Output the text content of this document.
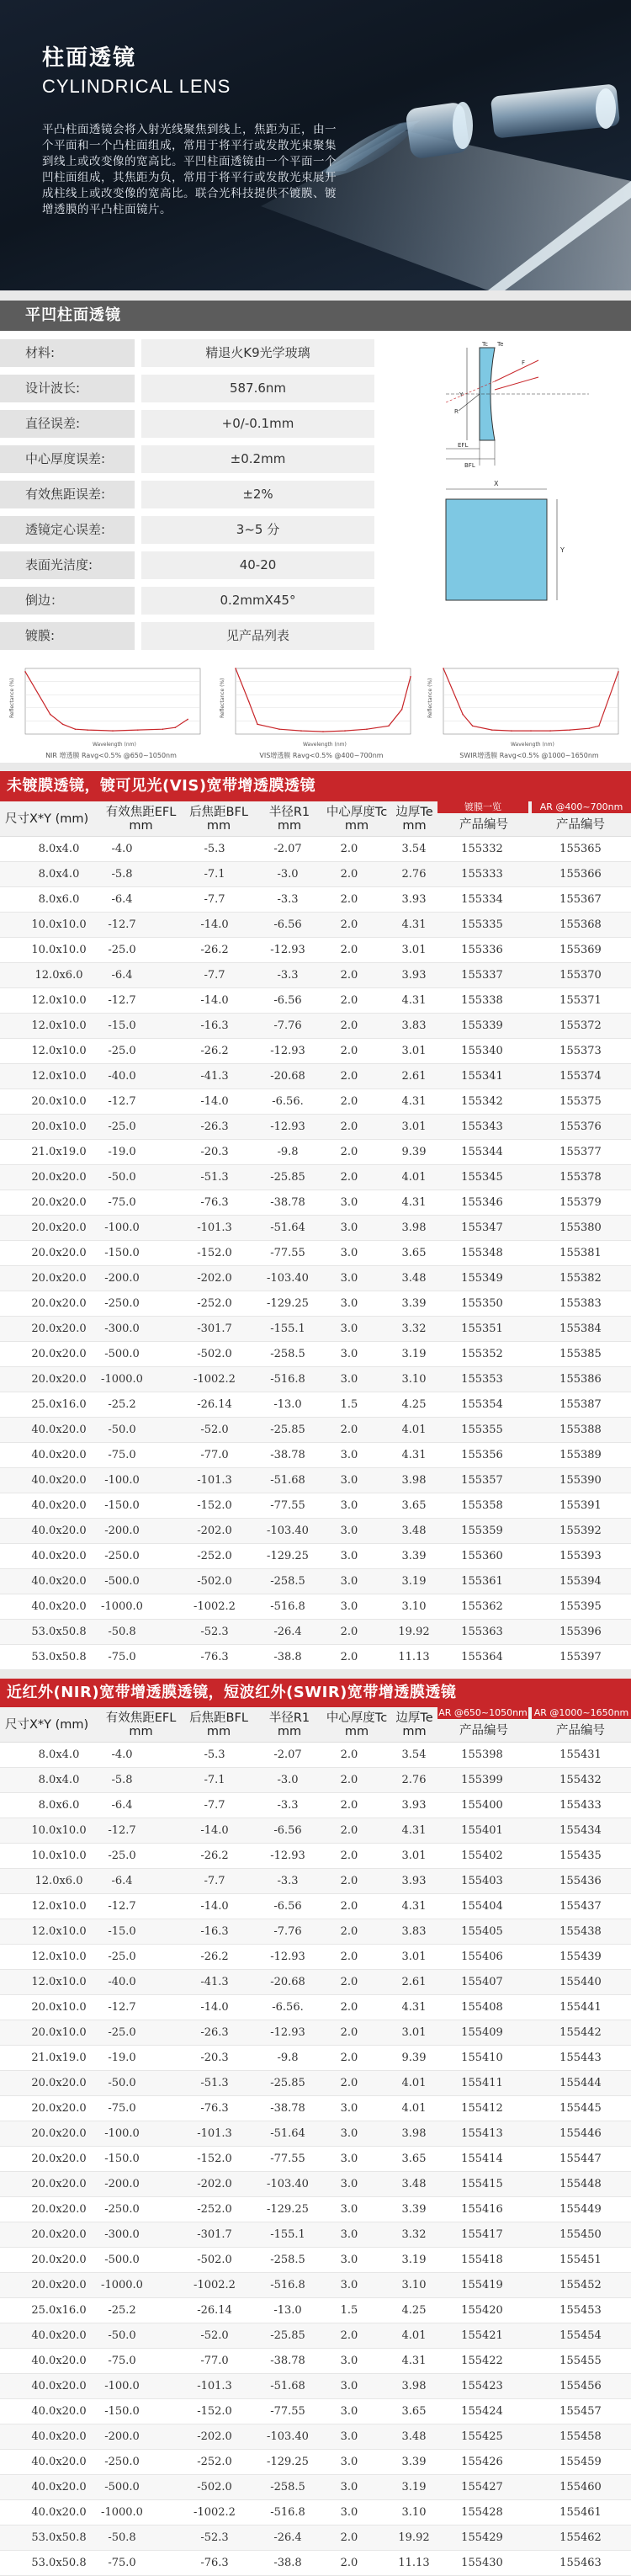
柱面透镜
CYLINDRICAL LENS
平凸柱面透镜会将入射光线聚焦到线上，焦距为正，由一个平面和一个凸柱面组成，常用于将平行或发散光束聚集到线上或改变像的宽高比。平凹柱面透镜由一个平面一个凹柱面组成，其焦距为负，常用于将平行或发散光束展开成柱线上或改变像的宽高比。联合光科技提供不镀膜、镀增透膜的平凸柱面镜片。
平凹柱面透镜
材料:	精退火K9光学玻璃
设计波长:	587.6nm
直径误差:	+0/-0.1mm
中心厚度误差:	±0.2mm
有效焦距误差:	±2%
透镜定心误差:	3~5 分
表面光洁度:	40-20
倒边：	0.2mmX45°
镀膜:	见产品列表
R
EFL
BFL
Tc Te
Y
F
X
Y
Reflectance (%)
Wavelength (nm)
NIR 增透膜 Ravg<0.5% @650~1050nm
Reflectance (%)
Wavelength (nm)
VIS增透膜 Ravg<0.5% @400~700nm
Reflectance (%)
Wavelength (nm)
SWIR增透膜 Ravg<0.5% @1000~1650nm
未镀膜透镜，镀可见光(VIS)宽带增透膜透镜
尺寸X*Y (mm)	有效焦距EFL
mm
后焦距BFL
mm
半径R1
mm
中心厚度Tc
mm
边厚Te
mm	产品编号	产品编号
镀膜一览	AR @400~700nm
8.0x4.0	-4.0	-5.3	-2.07	2.0	3.54	155332	155365
8.0x4.0	-5.8	-7.1	-3.0	2.0	2.76	155333	155366
8.0x6.0	-6.4	-7.7	-3.3	2.0	3.93	155334	155367
10.0x10.0	-12.7	-14.0	-6.56	2.0	4.31	155335	155368
10.0x10.0	-25.0	-26.2	-12.93	2.0	3.01	155336	155369
12.0x6.0	-6.4	-7.7	-3.3	2.0	3.93	155337	155370
12.0x10.0	-12.7	-14.0	-6.56	2.0	4.31	155338	155371
12.0x10.0	-15.0	-16.3	-7.76	2.0	3.83	155339	155372
12.0x10.0	-25.0	-26.2	-12.93	2.0	3.01	155340	155373
12.0x10.0	-40.0	-41.3	-20.68	2.0	2.61	155341	155374
20.0x10.0	-12.7	-14.0	-6.56.	2.0	4.31	155342	155375
20.0x10.0	-25.0	-26.3	-12.93	2.0	3.01	155343	155376
21.0x19.0	-19.0	-20.3	-9.8	2.0	9.39	155344	155377
20.0x20.0	-50.0	-51.3	-25.85	2.0	4.01	155345	155378
20.0x20.0	-75.0	-76.3	-38.78	3.0	4.31	155346	155379
20.0x20.0	-100.0	-101.3	-51.64	3.0	3.98	155347	155380
20.0x20.0	-150.0	-152.0	-77.55	3.0	3.65	155348	155381
20.0x20.0	-200.0	-202.0	-103.40	3.0	3.48	155349	155382
20.0x20.0	-250.0	-252.0	-129.25	3.0	3.39	155350	155383
20.0x20.0	-300.0	-301.7	-155.1	3.0	3.32	155351	155384
20.0x20.0	-500.0	-502.0	-258.5	3.0	3.19	155352	155385
20.0x20.0	-1000.0	-1002.2	-516.8	3.0	3.10	155353	155386
25.0x16.0	-25.2	-26.14	-13.0	1.5	4.25	155354	155387
40.0x20.0	-50.0	-52.0	-25.85	2.0	4.01	155355	155388
40.0x20.0	-75.0	-77.0	-38.78	3.0	4.31	155356	155389
40.0x20.0	-100.0	-101.3	-51.68	3.0	3.98	155357	155390
40.0x20.0	-150.0	-152.0	-77.55	3.0	3.65	155358	155391
40.0x20.0	-200.0	-202.0	-103.40	3.0	3.48	155359	155392
40.0x20.0	-250.0	-252.0	-129.25	3.0	3.39	155360	155393
40.0x20.0	-500.0	-502.0	-258.5	3.0	3.19	155361	155394
40.0x20.0	-1000.0	-1002.2	-516.8	3.0	3.10	155362	155395
53.0x50.8	-50.8	-52.3	-26.4	2.0	19.92	155363	155396
53.0x50.8	-75.0	-76.3	-38.8	2.0	11.13	155364	155397
近红外(NIR)宽带增透膜透镜，短波红外(SWIR)宽带增透膜透镜
尺寸X*Y (mm)	有效焦距EFL
mm
后焦距BFL
mm
半径R1
mm
中心厚度Tc
mm
边厚Te
mm	产品编号	产品编号
AR @650~1050nm AR @1000~1650nm
8.0x4.0	-4.0	-5.3	-2.07	2.0	3.54	155398	155431
8.0x4.0	-5.8	-7.1	-3.0	2.0	2.76	155399	155432
8.0x6.0	-6.4	-7.7	-3.3	2.0	3.93	155400	155433
10.0x10.0	-12.7	-14.0	-6.56	2.0	4.31	155401	155434
10.0x10.0	-25.0	-26.2	-12.93	2.0	3.01	155402	155435
12.0x6.0	-6.4	-7.7	-3.3	2.0	3.93	155403	155436
12.0x10.0	-12.7	-14.0	-6.56	2.0	4.31	155404	155437
12.0x10.0	-15.0	-16.3	-7.76	2.0	3.83	155405	155438
12.0x10.0	-25.0	-26.2	-12.93	2.0	3.01	155406	155439
12.0x10.0	-40.0	-41.3	-20.68	2.0	2.61	155407	155440
20.0x10.0	-12.7	-14.0	-6.56.	2.0	4.31	155408	155441
20.0x10.0	-25.0	-26.3	-12.93	2.0	3.01	155409	155442
21.0x19.0	-19.0	-20.3	-9.8	2.0	9.39	155410	155443
20.0x20.0	-50.0	-51.3	-25.85	2.0	4.01	155411	155444
20.0x20.0	-75.0	-76.3	-38.78	3.0	4.01	155412	155445
20.0x20.0	-100.0	-101.3	-51.64	3.0	3.98	155413	155446
20.0x20.0	-150.0	-152.0	-77.55	3.0	3.65	155414	155447
20.0x20.0	-200.0	-202.0	-103.40	3.0	3.48	155415	155448
20.0x20.0	-250.0	-252.0	-129.25	3.0	3.39	155416	155449
20.0x20.0	-300.0	-301.7	-155.1	3.0	3.32	155417	155450
20.0x20.0	-500.0	-502.0	-258.5	3.0	3.19	155418	155451
20.0x20.0	-1000.0	-1002.2	-516.8	3.0	3.10	155419	155452
25.0x16.0	-25.2	-26.14	-13.0	1.5	4.25	155420	155453
40.0x20.0	-50.0	-52.0	-25.85	2.0	4.01	155421	155454
40.0x20.0	-75.0	-77.0	-38.78	3.0	4.31	155422	155455
40.0x20.0	-100.0	-101.3	-51.68	3.0	3.98	155423	155456
40.0x20.0	-150.0	-152.0	-77.55	3.0	3.65	155424	155457
40.0x20.0	-200.0	-202.0	-103.40	3.0	3.48	155425	155458
40.0x20.0	-250.0	-252.0	-129.25	3.0	3.39	155426	155459
40.0x20.0	-500.0	-502.0	-258.5	3.0	3.19	155427	155460
40.0x20.0	-1000.0	-1002.2	-516.8	3.0	3.10	155428	155461
53.0x50.8	-50.8	-52.3	-26.4	2.0	19.92	155429	155462
53.0x50.8	-75.0	-76.3	-38.8	2.0	11.13	155430	155463
